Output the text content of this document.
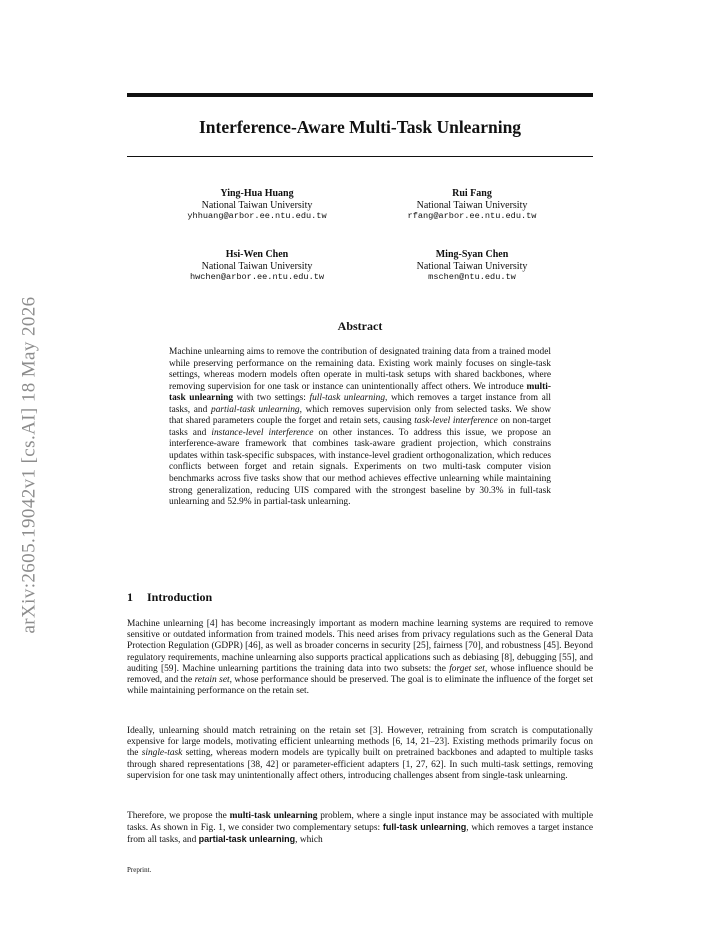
arXiv:2605.19042v1 [cs.AI] 18 May 2026
Interference-Aware Multi-Task Unlearning
Ying-Hua Huang
National Taiwan University
yhhuang@arbor.ee.ntu.edu.tw
Rui Fang
National Taiwan University
rfang@arbor.ee.ntu.edu.tw
Hsi-Wen Chen
National Taiwan University
hwchen@arbor.ee.ntu.edu.tw
Ming-Syan Chen
National Taiwan University
mschen@ntu.edu.tw
Abstract
Machine unlearning aims to remove the contribution of designated training data from a trained model while preserving performance on the remaining data. Existing work mainly focuses on single-task settings, whereas modern models often operate in multi-task setups with shared backbones, where removing supervision for one task or instance can unintentionally affect others. We introduce multi-task unlearning with two settings: full-task unlearning, which removes a target instance from all tasks, and partial-task unlearning, which removes supervision only from selected tasks. We show that shared parameters couple the forget and retain sets, causing task-level interference on non-target tasks and instance-level interference on other instances. To address this issue, we propose an interference-aware framework that combines task-aware gradient projection, which constrains updates within task-specific subspaces, with instance-level gradient orthogonalization, which reduces conflicts between forget and retain signals. Experiments on two multi-task computer vision benchmarks across five tasks show that our method achieves effective unlearning while maintaining strong generalization, reducing UIS compared with the strongest baseline by 30.3% in full-task unlearning and 52.9% in partial-task unlearning.
1 Introduction
Machine unlearning [4] has become increasingly important as modern machine learning systems are required to remove sensitive or outdated information from trained models. This need arises from privacy regulations such as the General Data Protection Regulation (GDPR) [46], as well as broader concerns in security [25], fairness [70], and robustness [45]. Beyond regulatory requirements, machine unlearning also supports practical applications such as debiasing [8], debugging [55], and auditing [59]. Machine unlearning partitions the training data into two subsets: the forget set, whose influence should be removed, and the retain set, whose performance should be preserved. The goal is to eliminate the influence of the forget set while maintaining performance on the retain set.
Ideally, unlearning should match retraining on the retain set [3]. However, retraining from scratch is computationally expensive for large models, motivating efficient unlearning methods [6, 14, 21–23]. Existing methods primarily focus on the single-task setting, whereas modern models are typically built on pretrained backbones and adapted to multiple tasks through shared representations [38, 42] or parameter-efficient adapters [1, 27, 62]. In such multi-task settings, removing supervision for one task may unintentionally affect others, introducing challenges absent from single-task unlearning.
Therefore, we propose the multi-task unlearning problem, where a single input instance may be associated with multiple tasks. As shown in Fig. 1, we consider two complementary setups: full-task unlearning, which removes a target instance from all tasks, and partial-task unlearning, which
Preprint.
